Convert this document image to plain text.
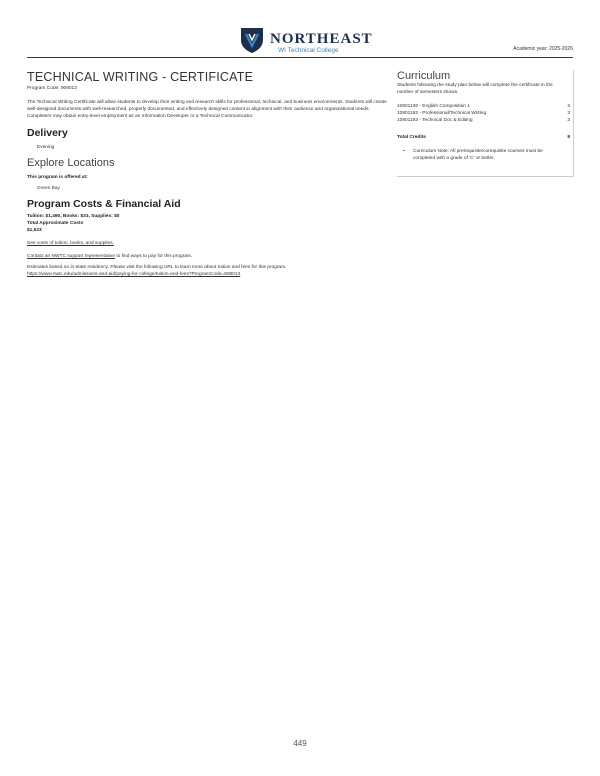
NORTHEAST
WI Technical College	Academic year: 2025-2026
TECHNICAL WRITING - CERTIFICATE
Program Code: 908013
The Technical Writing Certificate will allow students to develop their writing and research skills for professional, technical, and business environments. Students will create well-designed documents with well-researched, properly documented, and effectively designed content in alignment with their audience and organizational needs. Completers may obtain entry-level employment as an Information Developer or a Technical Communicator.
Delivery
Evening
Explore Locations
This program is offered at:
Green Bay
Program Costs & Financial Aid
Tuition: $1,490, Books: $33, Supplies: $0
Total Approximate Costs
$1,523
See costs of tuition, books, and supplies.
Contact an NWTC support representative to find ways to pay for this program.
Estimates based on in-state residency. Please visit the following URL to learn more about tuition and fees for this program.
https://www.nwtc.edu/admissions-and-aid/paying-for-college/tuition-and-fees?ProgramCode=908013
Curriculum
Students following the study plan below will complete the certificate in the number of semesters shown.
10801136 - English Composition 1	3
10801192 - Professional/Technical Writing	3
10801193 - Technical Doc & Editing	3
Total Credits	9
• Curriculum Note: All prerequisite/corequisite courses must be completed with a grade of 'C' or better.
449
